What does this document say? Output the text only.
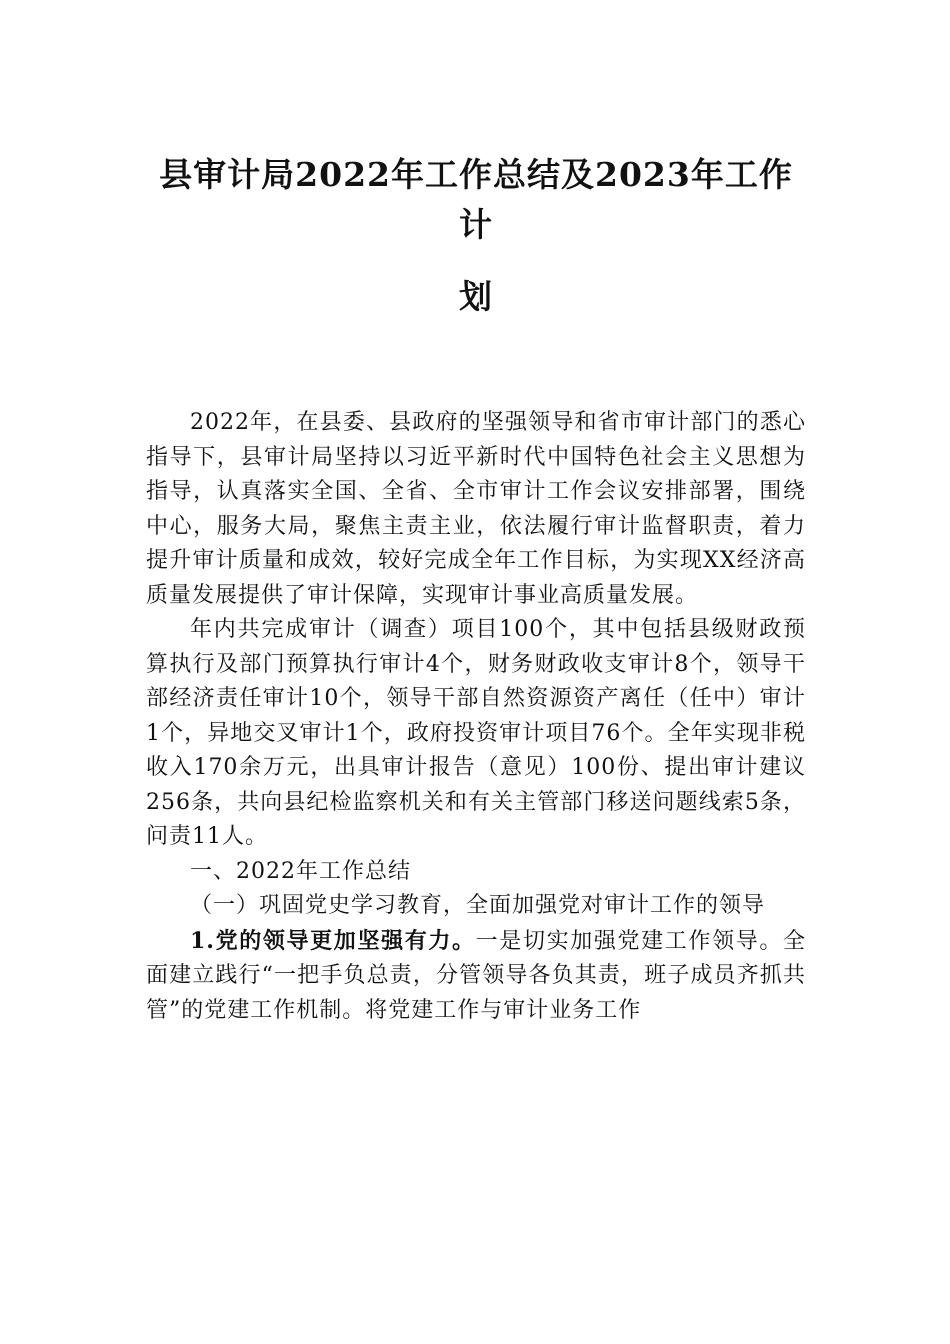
县审计局2022年工作总结及2023年工作计
划

2022年，在县委、县政府的坚强领导和省市审计部门的悉心指导下，县审计局坚持以习近平新时代中国特色社会主义思想为指导，认真落实全国、全省、全市审计工作会议安排部署，围绕中心，服务大局，聚焦主责主业，依法履行审计监督职责，着力提升审计质量和成效，较好完成全年工作目标，为实现XX经济高质量发展提供了审计保障，实现审计事业高质量发展。

年内共完成审计（调查）项目100个，其中包括县级财政预算执行及部门预算执行审计4个，财务财政收支审计8个，领导干部经济责任审计10个，领导干部自然资源资产离任（任中）审计1个，异地交叉审计1个，政府投资审计项目76个。全年实现非税收入170余万元，出具审计报告（意见）100份、提出审计建议256条，共向县纪检监察机关和有关主管部门移送问题线索5条，问责11人。

一、2022年工作总结

（一）巩固党史学习教育，全面加强党对审计工作的领导

1.党的领导更加坚强有力。一是切实加强党建工作领导。全面建立践行“一把手负总责，分管领导各负其责，班子成员齐抓共管”的党建工作机制。将党建工作与审计业务工作
